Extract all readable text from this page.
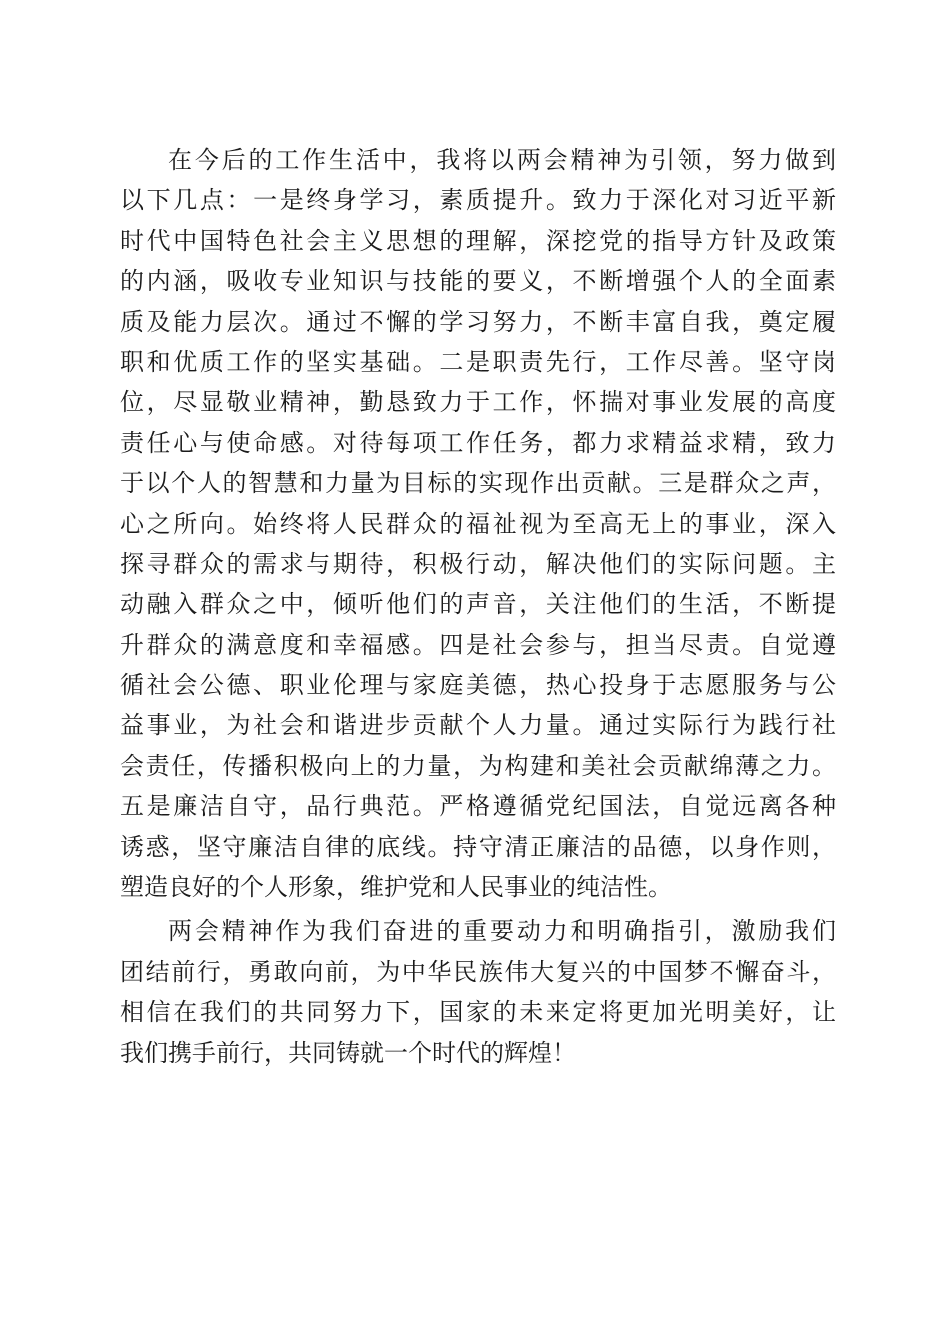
在今后的工作生活中，我将以两会精神为引领，努力做到
以下几点：一是终身学习，素质提升。致力于深化对习近平新
时代中国特色社会主义思想的理解，深挖党的指导方针及政策
的内涵，吸收专业知识与技能的要义，不断增强个人的全面素
质及能力层次。通过不懈的学习努力，不断丰富自我，奠定履
职和优质工作的坚实基础。二是职责先行，工作尽善。坚守岗
位，尽显敬业精神，勤恳致力于工作，怀揣对事业发展的高度
责任心与使命感。对待每项工作任务，都力求精益求精，致力
于以个人的智慧和力量为目标的实现作出贡献。三是群众之声，
心之所向。始终将人民群众的福祉视为至高无上的事业，深入
探寻群众的需求与期待，积极行动，解决他们的实际问题。主
动融入群众之中，倾听他们的声音，关注他们的生活，不断提
升群众的满意度和幸福感。四是社会参与，担当尽责。自觉遵
循社会公德、职业伦理与家庭美德，热心投身于志愿服务与公
益事业，为社会和谐进步贡献个人力量。通过实际行为践行社
会责任，传播积极向上的力量，为构建和美社会贡献绵薄之力。
五是廉洁自守，品行典范。严格遵循党纪国法，自觉远离各种
诱惑，坚守廉洁自律的底线。持守清正廉洁的品德，以身作则，
塑造良好的个人形象，维护党和人民事业的纯洁性。
两会精神作为我们奋进的重要动力和明确指引，激励我们
团结前行，勇敢向前，为中华民族伟大复兴的中国梦不懈奋斗，
相信在我们的共同努力下，国家的未来定将更加光明美好，让
我们携手前行，共同铸就一个时代的辉煌！
